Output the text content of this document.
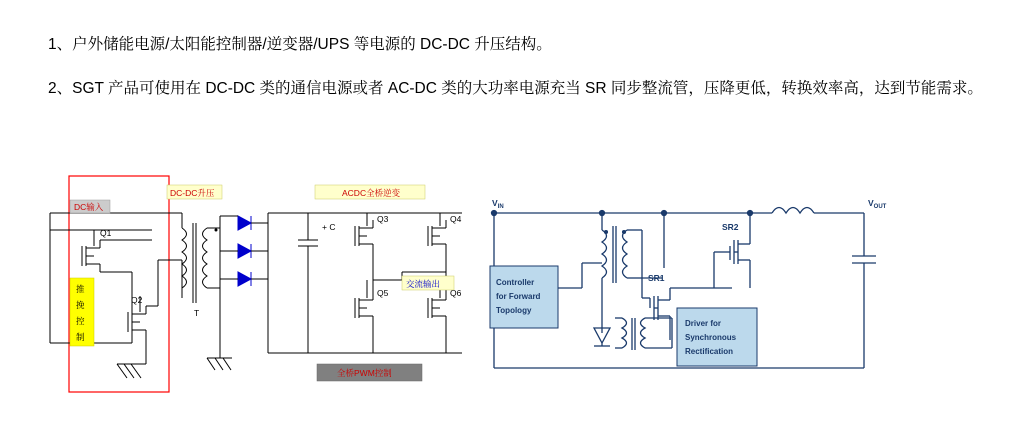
1、户外储能电源/太阳能控制器/逆变器/UPS 等电源的 DC-DC 升压结构。

2、SGT 产品可使用在 DC-DC 类的通信电源或者 AC-DC 类的大功率电源充当 SR 同步整流管，压降更低，转换效率高，达到节能需求。

DC输入
DC-DC升压	ACDC全桥逆变
推
挽
控
制
交流输出
全桥PWM控制
Q1
Q2
T
+ C
Q3	Q4
Q5	Q6
$V_{IN}$	$V_{OUT}$
SR1
SR2
Controller
for Forward
Topology
Driver for
Synchronous
Rectification
